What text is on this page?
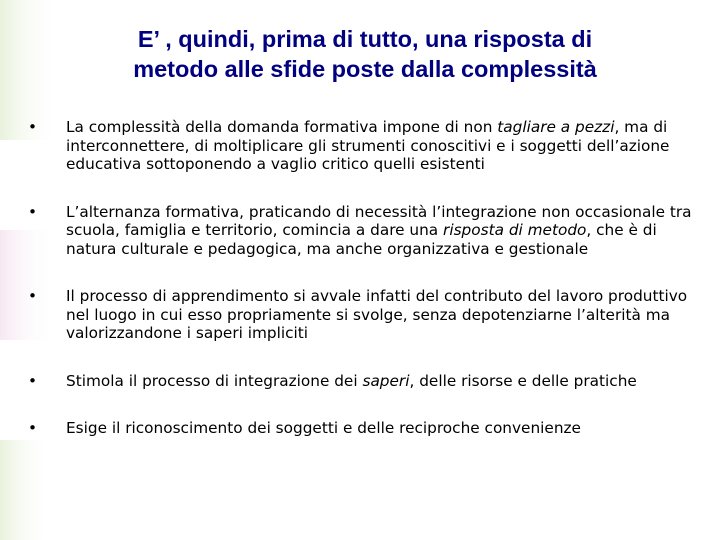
E’ , quindi, prima di tutto, una risposta di
metodo alle sfide poste dalla complessità
• La complessità della domanda formativa impone di non tagliare a pezzi, ma di interconnettere, di moltiplicare gli strumenti conoscitivi e i soggetti dell’azione educativa sottoponendo a vaglio critico quelli esistenti
• L’alternanza formativa, praticando di necessità l’integrazione non occasionale tra scuola, famiglia e territorio, comincia a dare una risposta di metodo, che è di natura culturale e pedagogica, ma anche organizzativa e gestionale
• Il processo di apprendimento si avvale infatti del contributo del lavoro produttivo nel luogo in cui esso propriamente si svolge, senza depotenziarne l’alterità ma valorizzandone i saperi impliciti
• Stimola il processo di integrazione dei saperi, delle risorse e delle pratiche
• Esige il riconoscimento dei soggetti e delle reciproche convenienze
